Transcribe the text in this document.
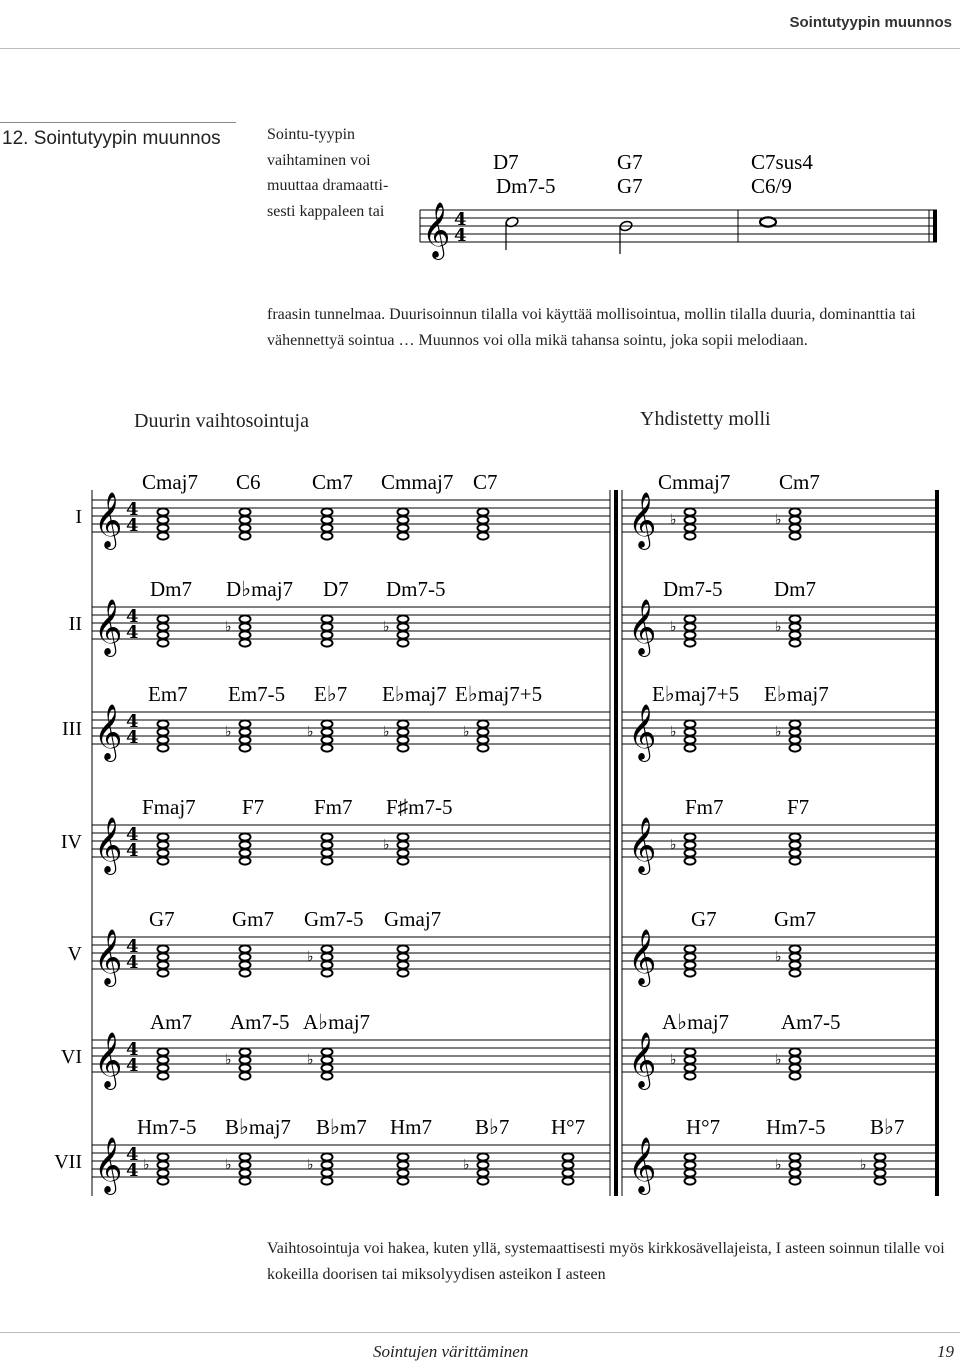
Sointutyypin muunnos
12. Sointutyypin muunnos	Sointu-tyypin vaihtaminen voi muuttaa dramaatti-sesti kappaleen tai
fraasin tunnelmaa. Duurisoinnun tilalla voi käyttää mollisointua, mollin tilalla duuria, dominanttia tai vähennettyä sointua … Muunnos voi olla mikä tahansa sointu, joka sopii melodiaan.
D7	G7	C7sus4
Dm7-5	G7	C6/9
𝄞 4
4
Duurin vaihtosointuja	Yhdistetty molli
𝄞 4
4	𝄞 ♭	♭
𝄞 4
4	𝄞
♭	♭	♭	♭
𝄞 4
4	𝄞
♭	♭	♭	♭	♭	♭
𝄞 4
4	𝄞
♭	♭
𝄞 4
4	𝄞
♭	♭
𝄞 4
4	𝄞
♭	♭	♭	♭
𝄞 4
4	𝄞
♭	♭	♭	♭	♭	♭
I
Cmaj7 C6 Cm7 Cmmaj7 C7	Cmmaj7 Cm7
II
Dm7 D♭maj7 D7 Dm7-5	Dm7-5 Dm7
III
Em7 Em7-5 E♭7 E♭maj7 E♭maj7+5	E♭maj7+5 E♭maj7
IV
Fmaj7 F7 Fm7 F♯m7-5	Fm7	F7
V
G7	Gm7 Gm7-5 Gmaj7	G7	Gm7
VI
Am7 Am7-5 A♭maj7	A♭maj7 Am7-5
VII
Hm7-5 B♭maj7 B♭m7 Hm7 B♭7 H°7	H°7 Hm7-5 B♭7
Vaihtosointuja voi hakea, kuten yllä, systemaattisesti myös kirkkosävellajeista, I asteen soinnun tilalle voi kokeilla doorisen tai miksolyydisen asteikon I asteen
Sointujen värittäminen	19
